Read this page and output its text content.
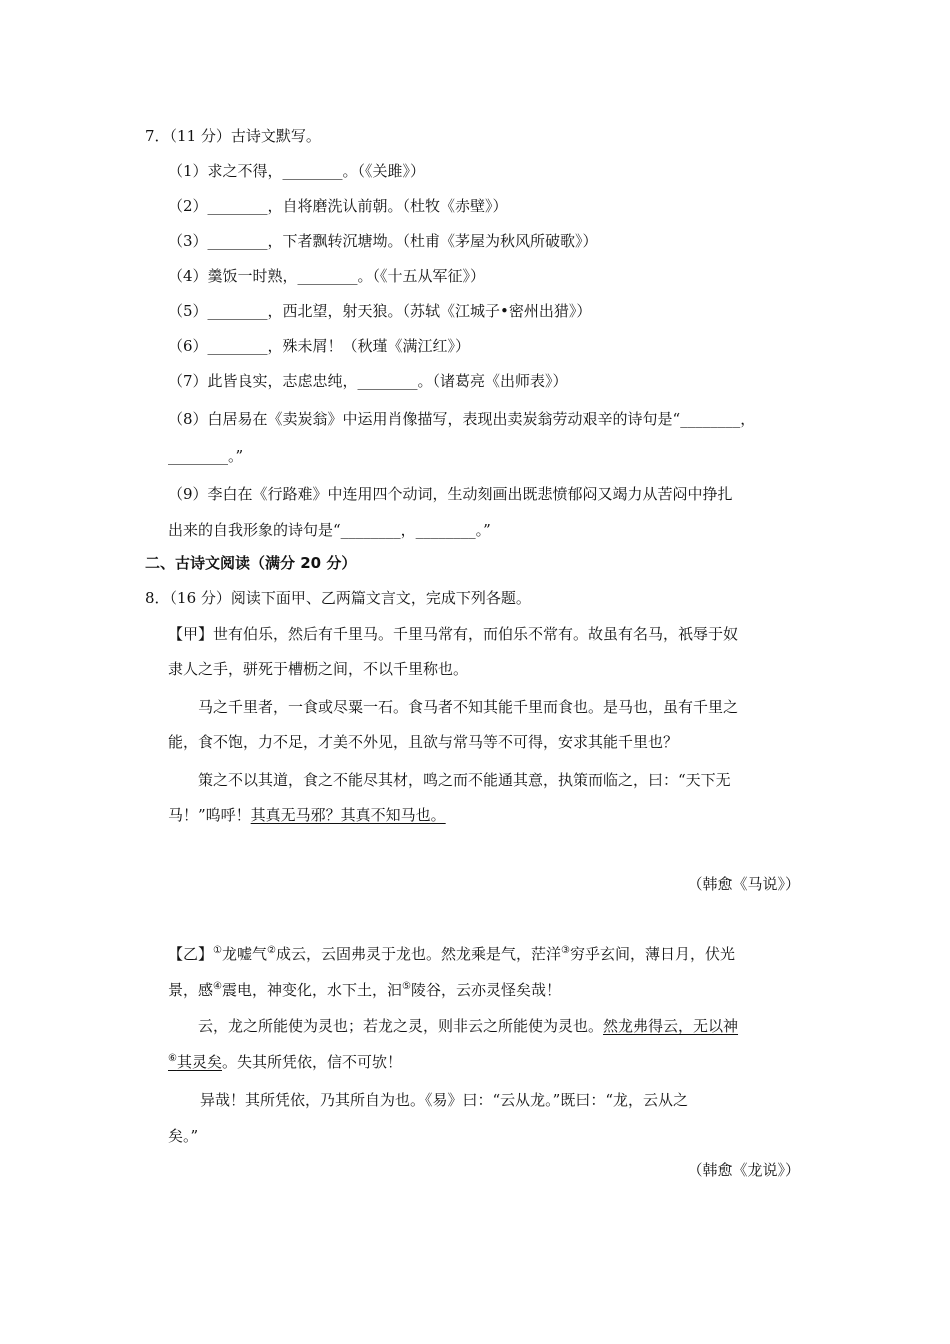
7．（11 分）古诗文默写。
（1）求之不得，________。（《关雎》）
（2）________，自将磨洗认前朝。（杜牧《赤壁》）
（3）________，下者飘转沉塘坳。（杜甫《茅屋为秋风所破歌》）
（4）羹饭一时熟，________。（《十五从军征》）
（5）________，西北望，射天狼。（苏轼《江城子•密州出猎》）
（6）________，殊未屑！（秋瑾《满江红》）
（7）此皆良实，志虑忠纯，________。（诸葛亮《出师表》）
（8）白居易在《卖炭翁》中运用肖像描写，表现出卖炭翁劳动艰辛的诗句是“________，
________。”
（9）李白在《行路难》中连用四个动词，生动刻画出既悲愤郁闷又竭力从苦闷中挣扎
出来的自我形象的诗句是“________，________。”
二、古诗文阅读（满分 20 分）
8．（16 分）阅读下面甲、乙两篇文言文，完成下列各题。
【甲】世有伯乐，然后有千里马。千里马常有，而伯乐不常有。故虽有名马，祇辱于奴
隶人之手，骈死于槽枥之间，不以千里称也。
马之千里者，一食或尽粟一石。食马者不知其能千里而食也。是马也，虽有千里之
能，食不饱，力不足，才美不外见，且欲与常马等不可得，安求其能千里也？
策之不以其道，食之不能尽其材，鸣之而不能通其意，执策而临之，曰：“天下无
马！”呜呼！其真无马邪？其真不知马也。
（韩愈《马说》）
【乙】①龙嘘气②成云，云固弗灵于龙也。然龙乘是气，茫洋③穷乎玄间，薄日月，伏光
景，感④震电，神变化，水下土，汩⑤陵谷，云亦灵怪矣哉！
云，龙之所能使为灵也；若龙之灵，则非云之所能使为灵也。然龙弗得云，无以神
⑥其灵矣。失其所凭依，信不可欤！
异哉！其所凭依，乃其所自为也。《易》曰：“云从龙。”既曰：“龙，云从之
矣。”
（韩愈《龙说》）
